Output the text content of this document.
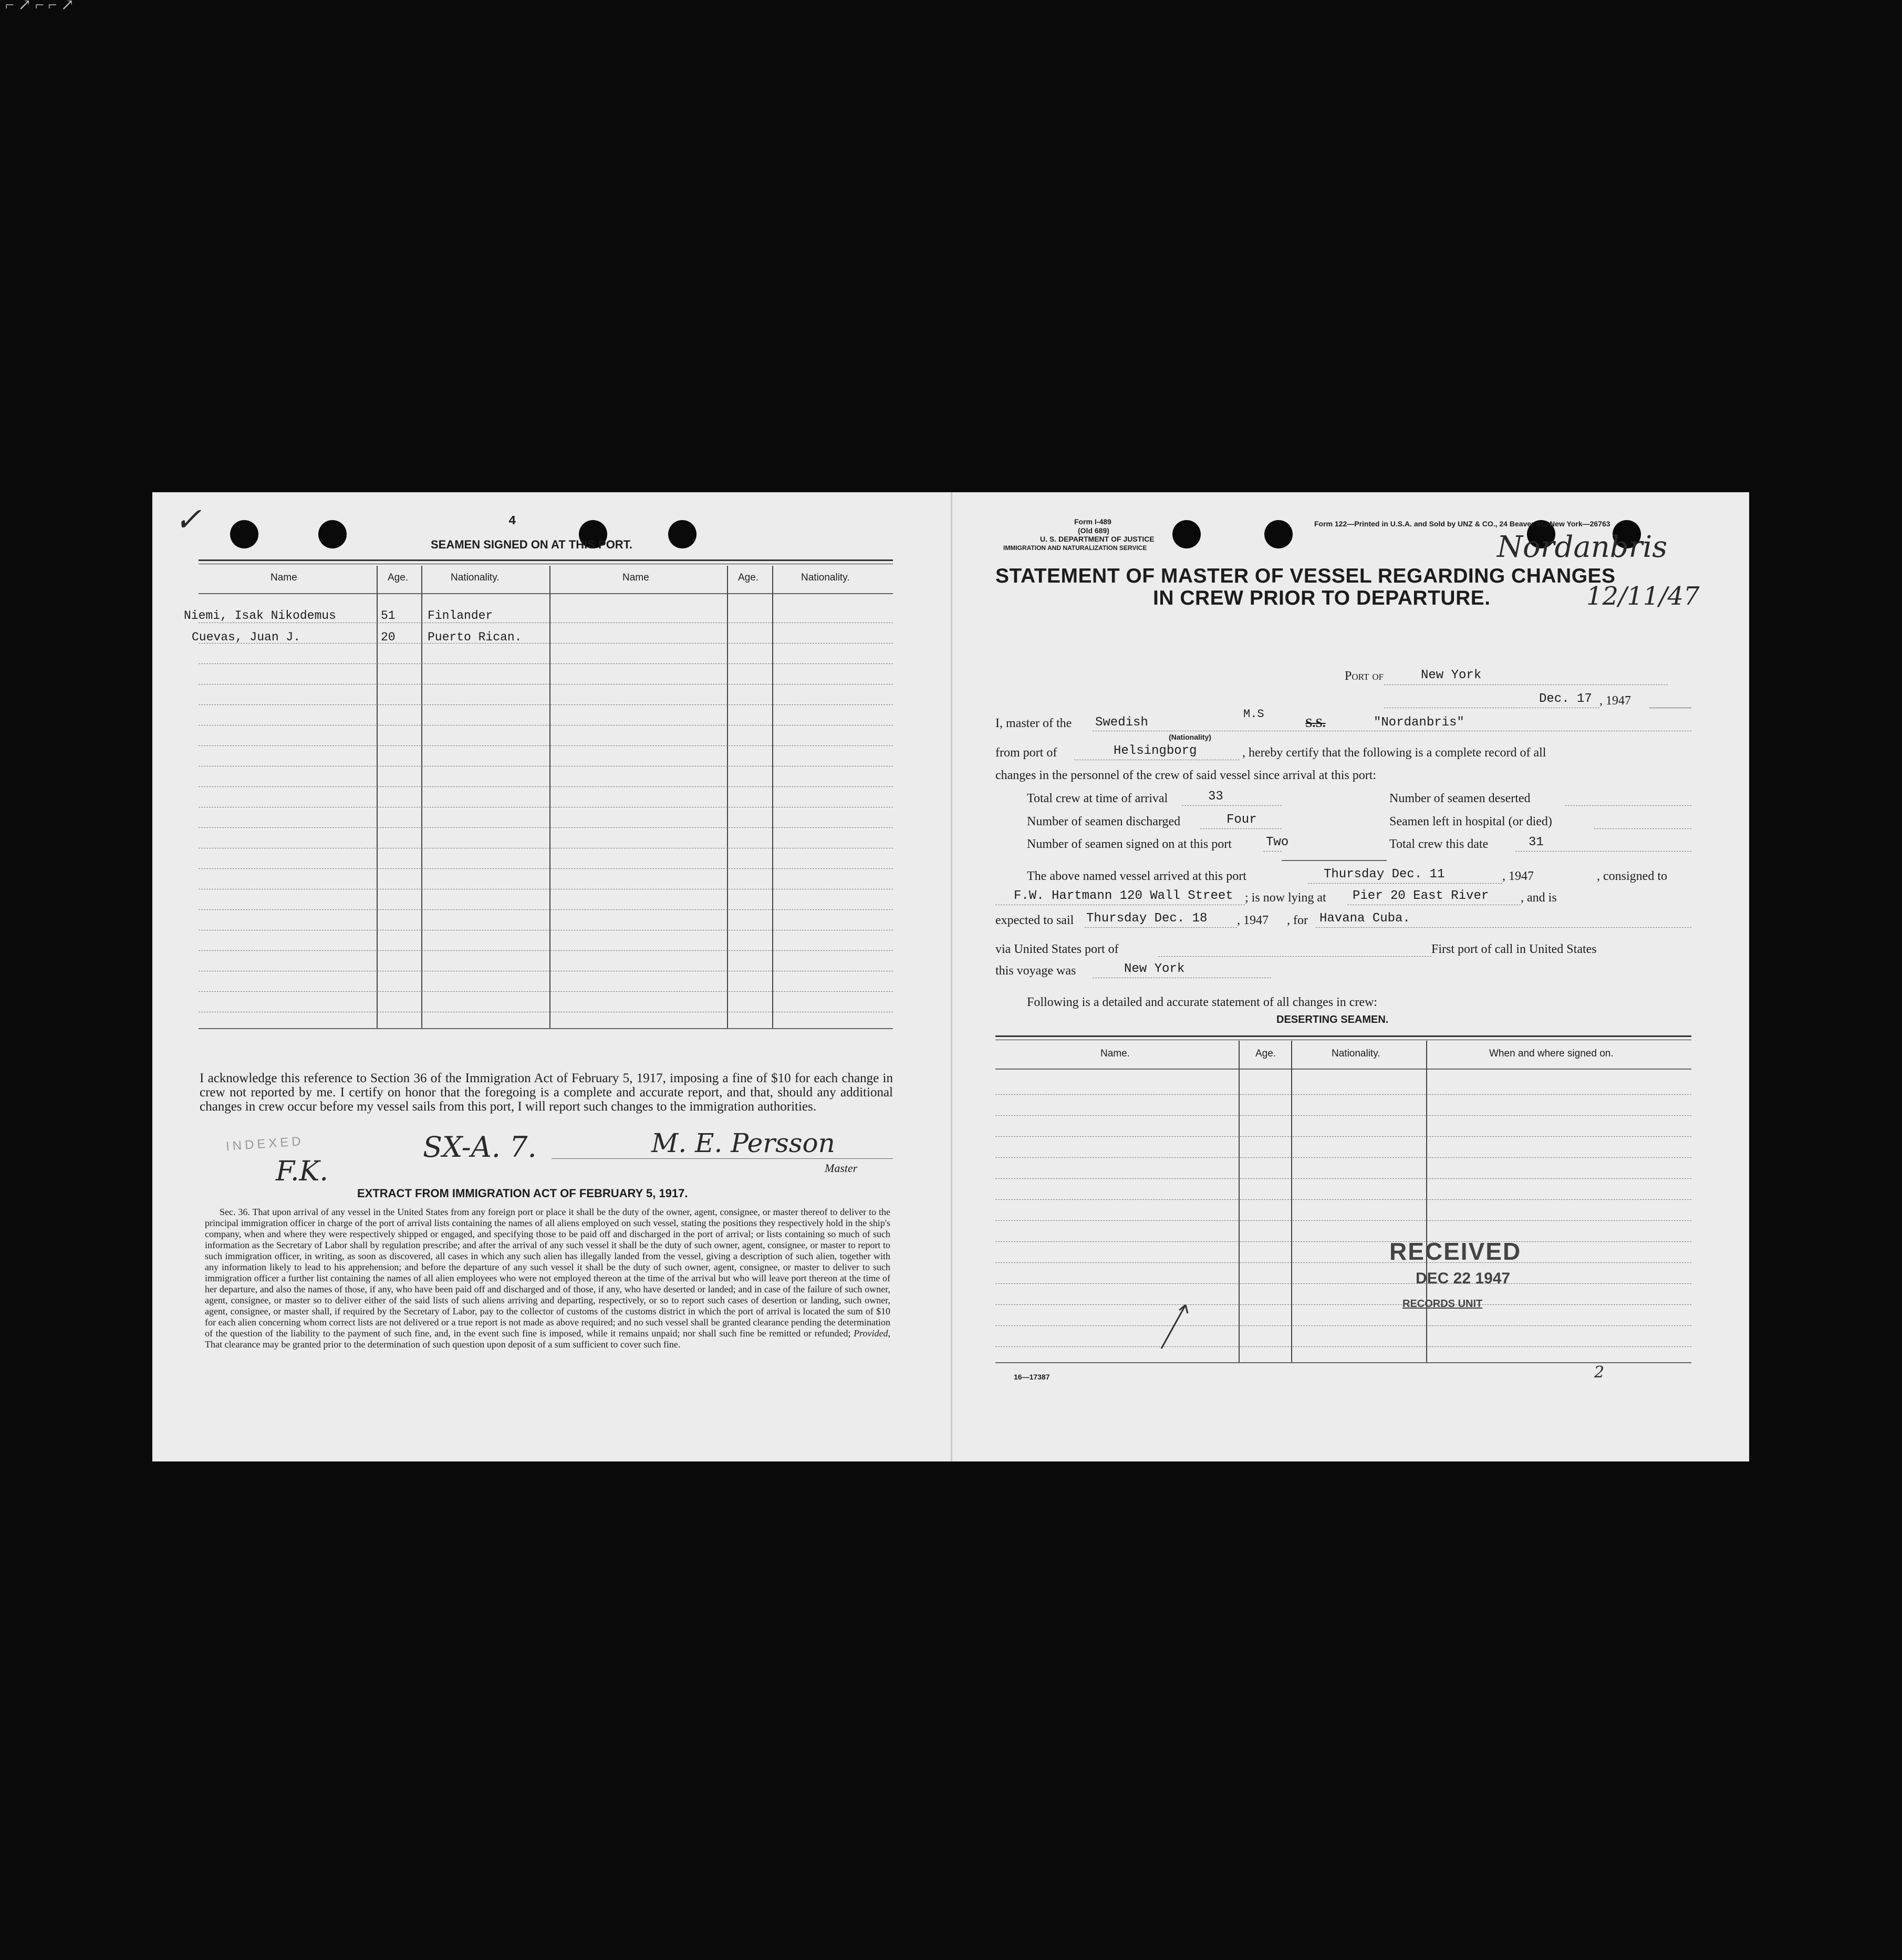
✓	4
SEAMEN SIGNED ON AT THIS PORT.
Name	Age.	Nationality.	Name	Age.	Nationality.
Niemi, Isak Nikodemus	51	Finlander
Cuevas, Juan J.	20	Puerto Rican.
I acknowledge this reference to Section 36 of the Immigration Act of February 5, 1917, imposing a fine of $10 for each change in crew not reported by me. I certify on honor that the foregoing is a complete and accurate report, and that, should any additional changes in crew occur before my vessel sails from this port, I will report such changes to the immigration authorities.
INDEXED	SX-A. 7.
F.K.
M. E. Persson
Master
EXTRACT FROM IMMIGRATION ACT OF FEBRUARY 5, 1917.
Sec. 36. That upon arrival of any vessel in the United States from any foreign port or place it shall be the duty of the owner, agent, consignee, or master thereof to deliver to the principal immigration officer in charge of the port of arrival lists containing the names of all aliens employed on such vessel, stating the positions they respectively hold in the ship's company, when and where they were respectively shipped or engaged, and specifying those to be paid off and discharged in the port of arrival; or lists containing so much of such information as the Secretary of Labor shall by regulation prescribe; and after the arrival of any such vessel it shall be the duty of such owner, agent, consignee, or master to report to such immigration officer, in writing, as soon as discovered, all cases in which any such alien has illegally landed from the vessel, giving a description of such alien, together with any information likely to lead to his apprehension; and before the departure of any such vessel it shall be the duty of such owner, agent, consignee, or master to deliver to such immigration officer a further list containing the names of all alien employees who were not employed thereon at the time of the arrival but who will leave port thereon at the time of her departure, and also the names of those, if any, who have been paid off and discharged and of those, if any, who have deserted or landed; and in case of the failure of such owner, agent, consignee, or master so to deliver either of the said lists of such aliens arriving and departing, respectively, or so to report such cases of desertion or landing, such owner, agent, consignee, or master shall, if required by the Secretary of Labor, pay to the collector of customs of the customs district in which the port of arrival is located the sum of $10 for each alien concerning whom correct lists are not delivered or a true report is not made as above required; and no such vessel shall be granted clearance pending the determination of the question of the liability to the payment of such fine, and, in the event such fine is imposed, while it remains unpaid; nor shall such fine be remitted or refunded; Provided, That clearance may be granted prior to the determination of such question upon deposit of a sum sufficient to cover such fine.
Form I-489
(Old 689)
U. S. DEPARTMENT OF JUSTICE
IMMIGRATION AND NATURALIZATION SERVICE
Form 122—Printed in U.S.A. and Sold by UNZ & CO., 24 Beaver St., New York—26763
Nordanbris
12/11/47
STATEMENT OF MASTER OF VESSEL REGARDING CHANGES
IN CREW PRIOR TO DEPARTURE.
Port of	New York
Dec. 17 , 1947
I, master of the Swedish
M.S
S.S.	"Nordanbris"
(Nationality)
from port of	Helsingborg	, hereby certify that the following is a complete record of all
changes in the personnel of the crew of said vessel since arrival at this port:
Total crew at time of arrival	33	Number of seamen deserted
Number of seamen discharged	Four	Seamen left in hospital (or died)
Number of seamen signed on at this port	Two	Total crew this date	31
The above named vessel arrived at this port	Thursday Dec. 11	, 1947	, consigned to
F.W. Hartmann 120 Wall Street ; is now lying at Pier 20 East River	, and is
expected to sail Thursday Dec. 18 , 1947 , for Havana Cuba.
via United States port of	First port of call in United States
this voyage was	New York
Following is a detailed and accurate statement of all changes in crew:
DESERTING SEAMEN.
Name.	Age.	Nationality.	When and where signed on.
RECEIVED
DEC 22 1947
RECORDS UNIT
16—17387	2
⌐ ↗ ⌐ ⌐ ↗
